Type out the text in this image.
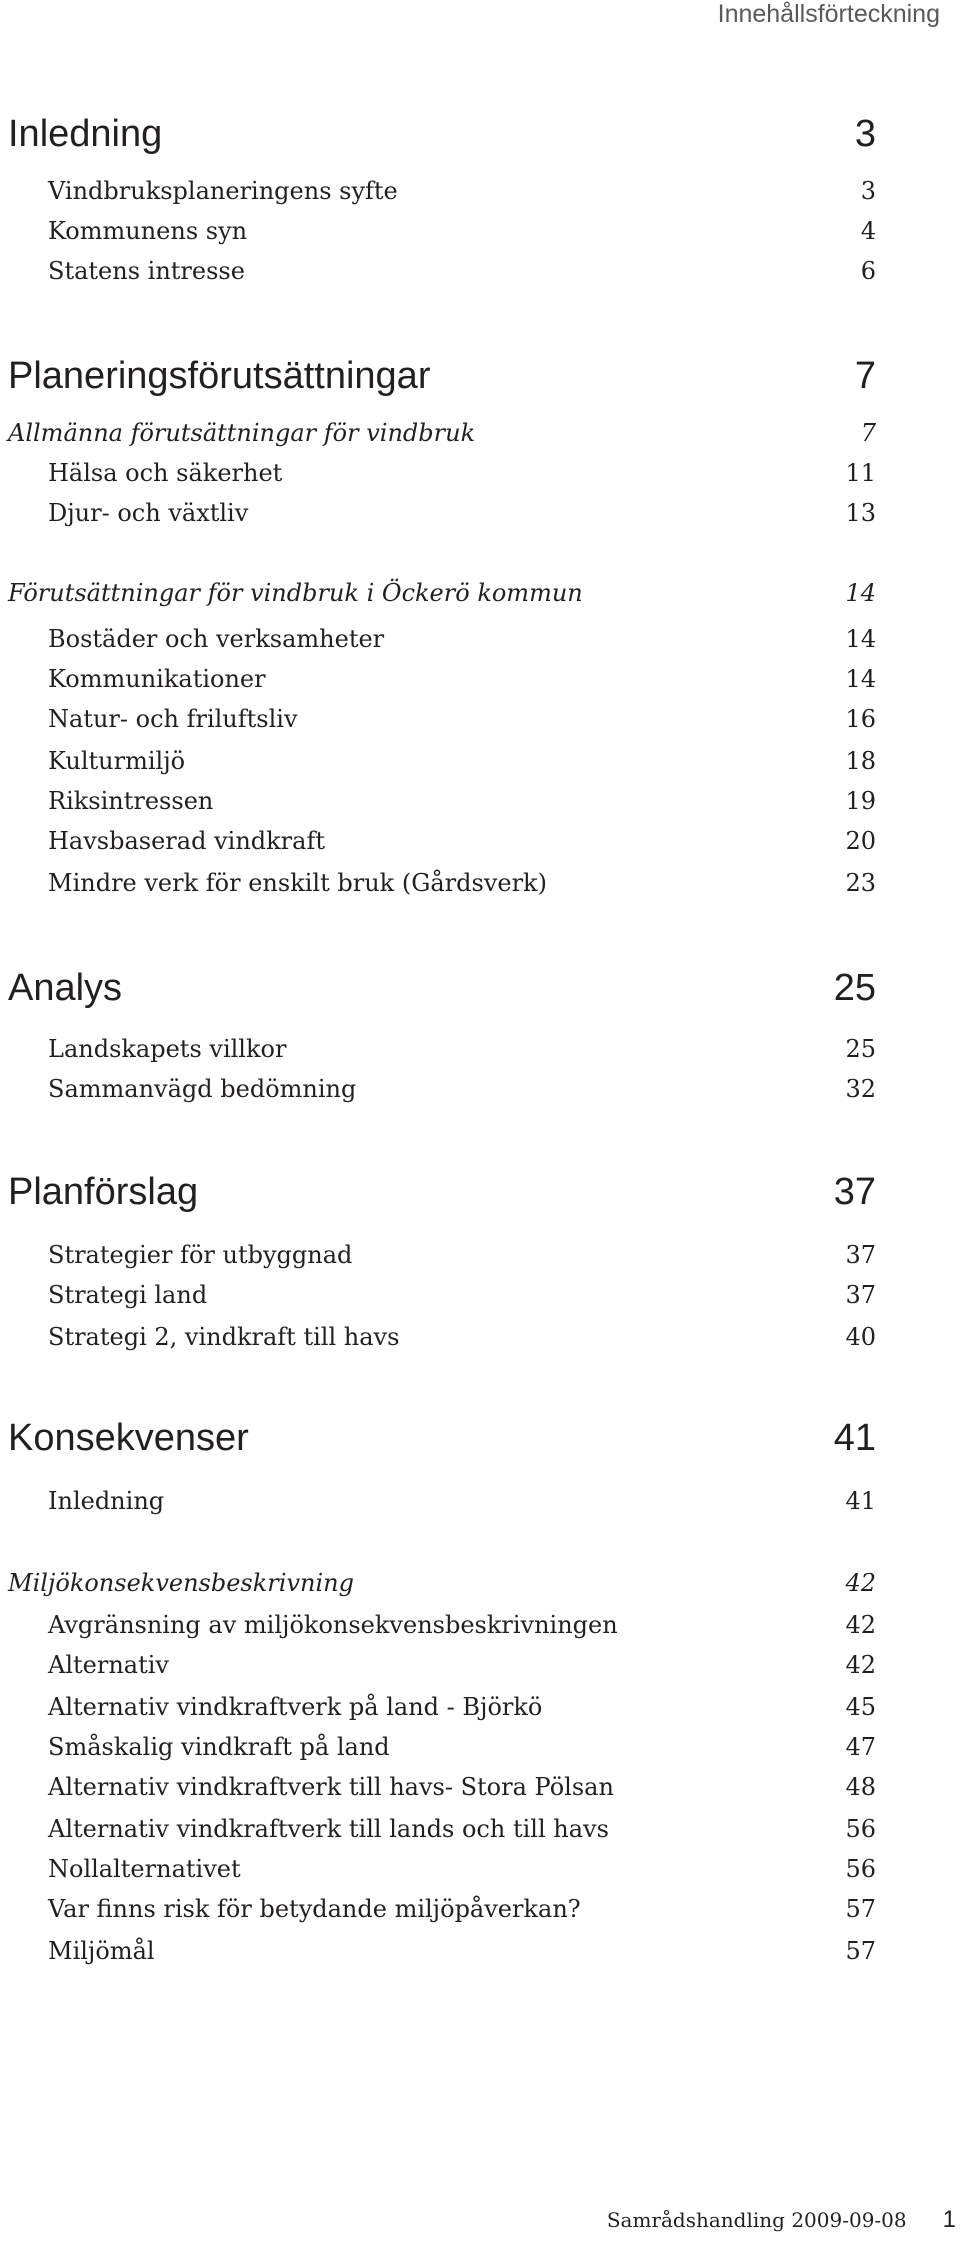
Innehållsförteckning
Inledning	3
Vindbruksplaneringens syfte	3
Kommunens syn	4
Statens intresse	6
Planeringsförutsättningar	7
Allmänna förutsättningar för vindbruk	7
Hälsa och säkerhet	11
Djur- och växtliv	13
Förutsättningar för vindbruk i Öckerö kommun	14
Bostäder och verksamheter	14
Kommunikationer	14
Natur- och friluftsliv	16
Kulturmiljö	18
Riksintressen	19
Havsbaserad vindkraft	20
Mindre verk för enskilt bruk (Gårdsverk)	23
Analys	25
Landskapets villkor	25
Sammanvägd bedömning	32
Planförslag	37
Strategier för utbyggnad	37
Strategi land	37
Strategi 2, vindkraft till havs	40
Konsekvenser	41
Inledning	41
Miljökonsekvensbeskrivning	42
Avgränsning av miljökonsekvensbeskrivningen	42
Alternativ	42
Alternativ vindkraftverk på land - Björkö	45
Småskalig vindkraft på land	47
Alternativ vindkraftverk till havs- Stora Pölsan	48
Alternativ vindkraftverk till lands och till havs	56
Nollalternativet	56
Var finns risk för betydande miljöpåverkan?	57
Miljömål	57
Samrådshandling 2009-09-08 1
